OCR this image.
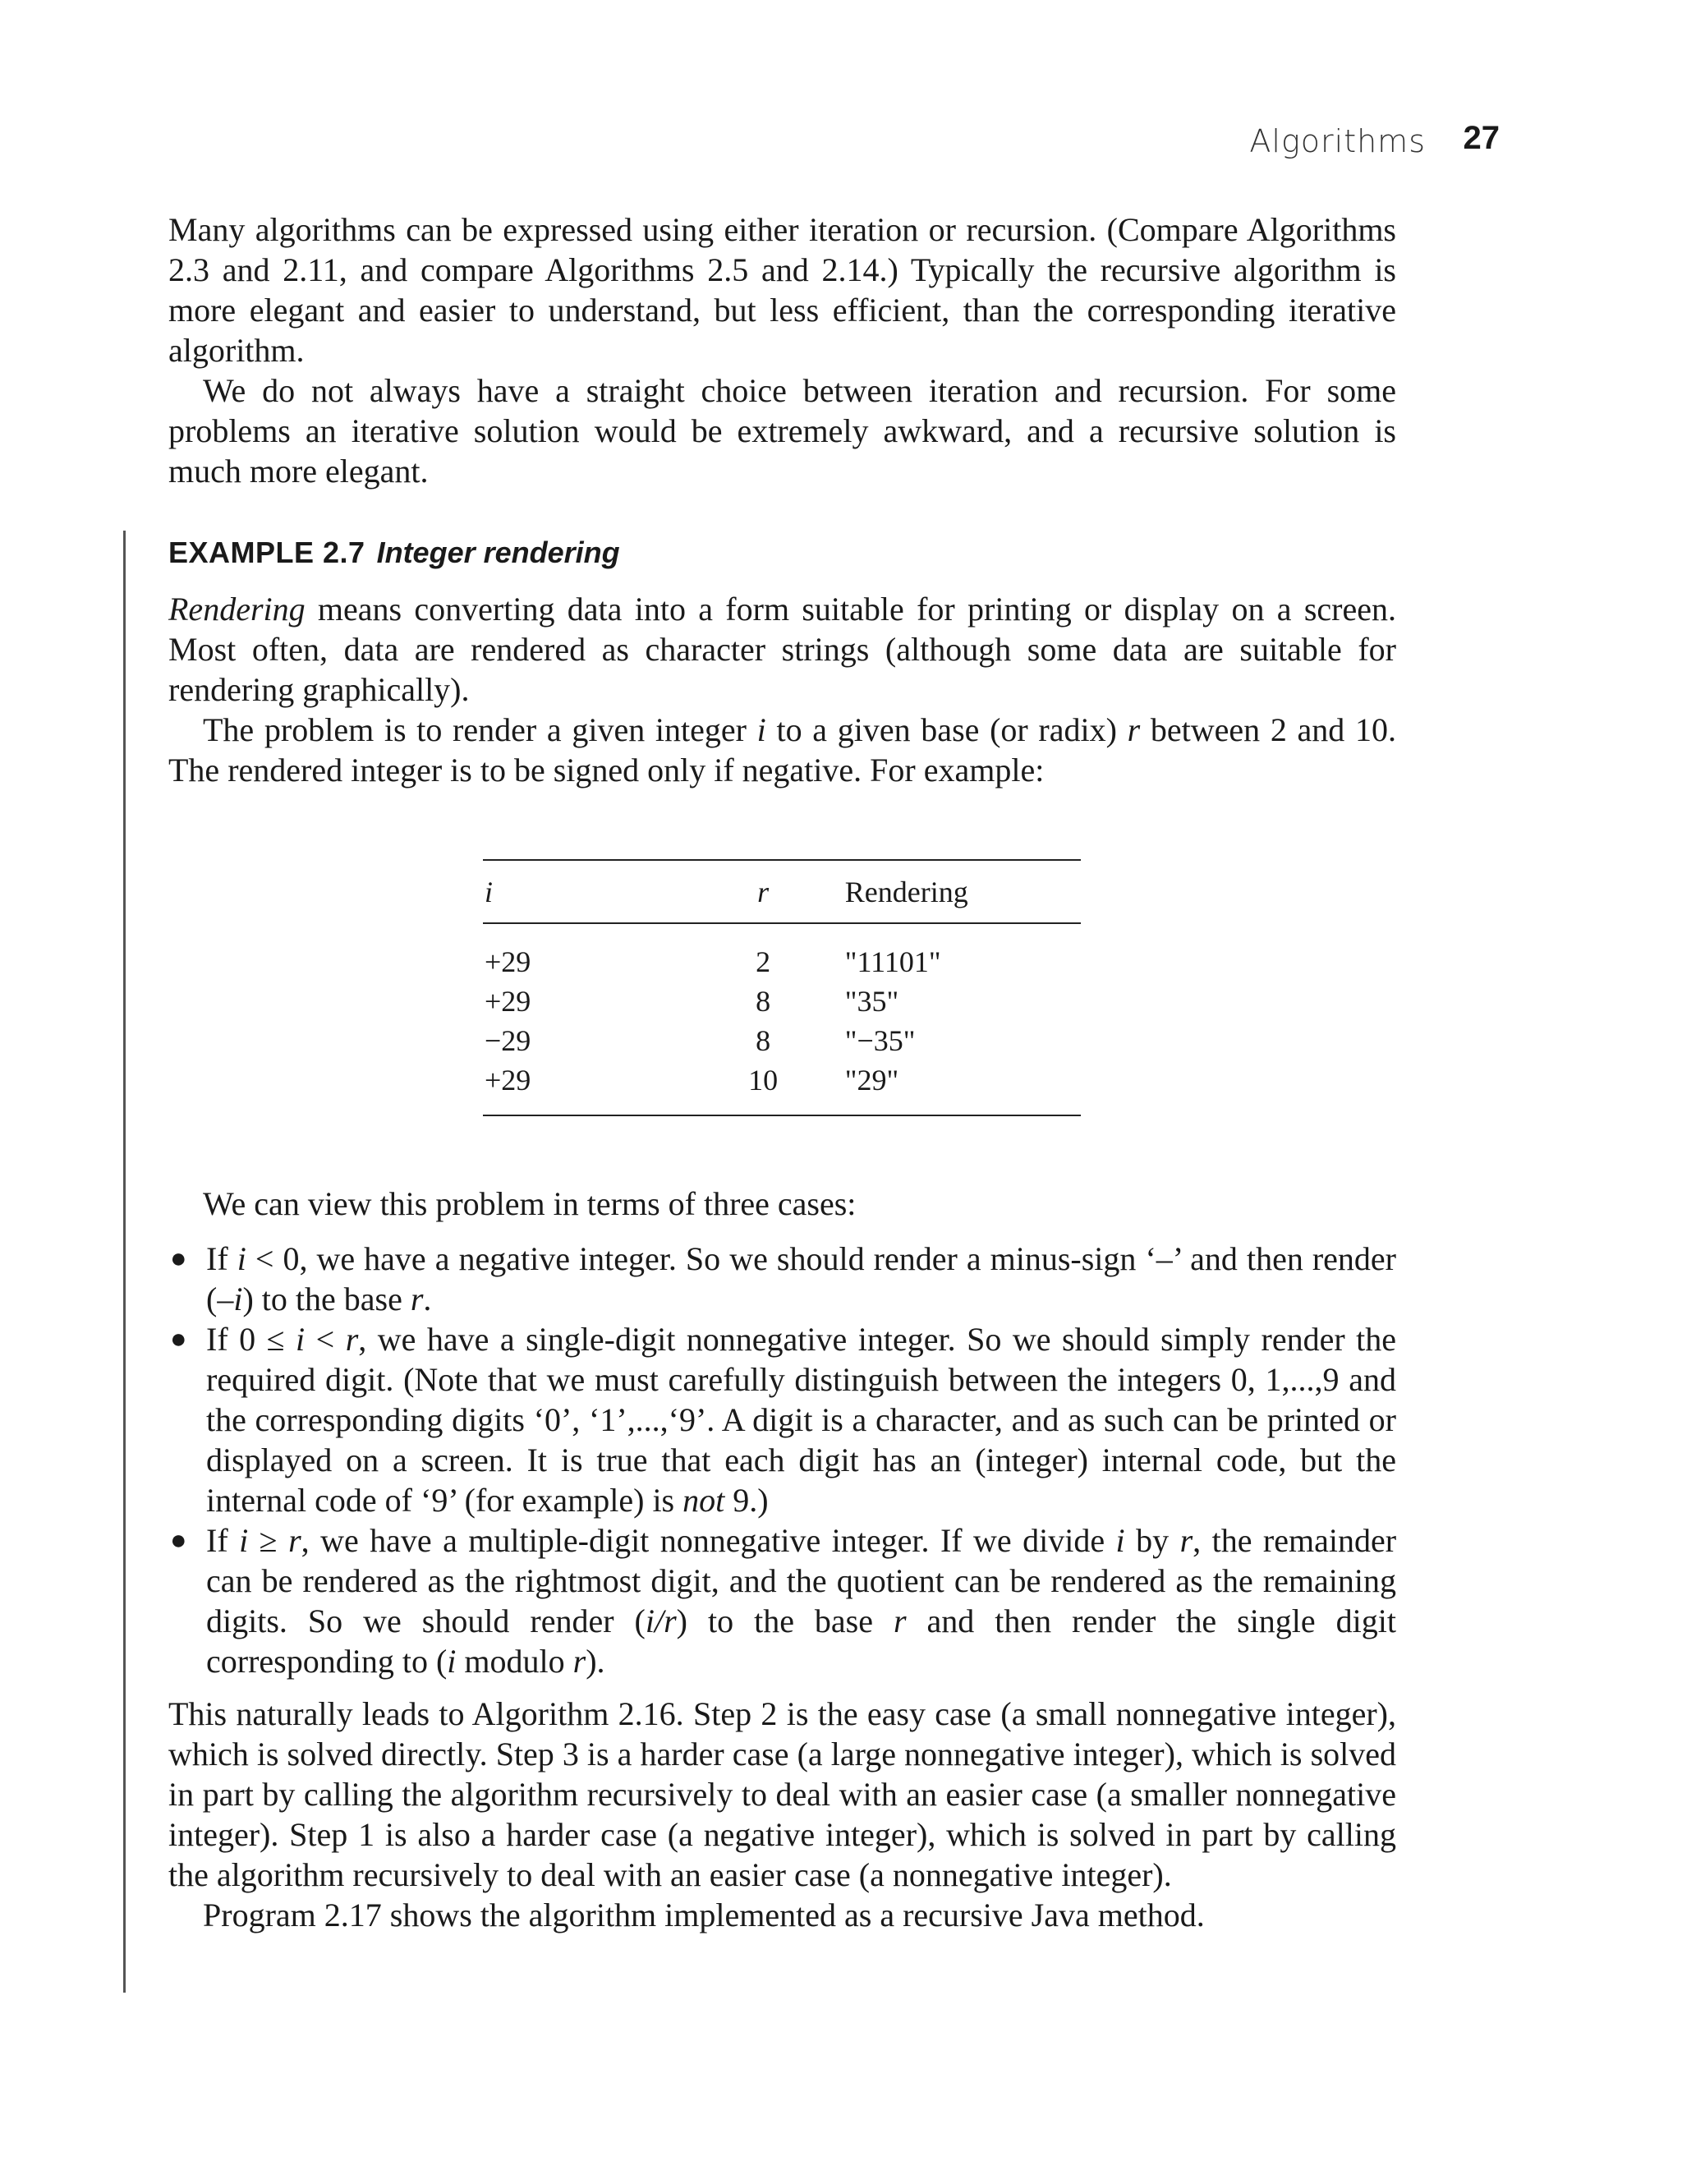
Algorithms 27

Many algorithms can be expressed using either iteration or recursion. (Compare Algorithms 2.3 and 2.11, and compare Algorithms 2.5 and 2.14.) Typically the recursive algorithm is more elegant and easier to understand, but less efficient, than the corresponding iterative algorithm.

We do not always have a straight choice between iteration and recursion. For some problems an iterative solution would be extremely awkward, and a recursive solution is much more elegant.

EXAMPLE 2.7 Integer rendering

Rendering means converting data into a form suitable for printing or display on a screen. Most often, data are rendered as character strings (although some data are suitable for rendering graphically).

The problem is to render a given integer i to a given base (or radix) r between 2 and 10. The rendered integer is to be signed only if negative. For example:

i	r	Rendering
+29	2	"11101"
+29	8	"35"
−29	8	"−35"
+29	10	"29"
We can view this problem in terms of three cases:
● If i < 0, we have a negative integer. So we should render a minus-sign ‘–’ and then render (–i) to the base r.
● If 0 ≤ i < r, we have a single-digit nonnegative integer. So we should simply render the required digit. (Note that we must carefully distinguish between the integers 0, 1,...,9 and the corresponding digits ‘0’, ‘1’,...,‘9’. A digit is a character, and as such can be printed or displayed on a screen. It is true that each digit has an (integer) internal code, but the internal code of ‘9’ (for example) is not 9.)
● If i ≥ r, we have a multiple-digit nonnegative integer. If we divide i by r, the remainder can be rendered as the rightmost digit, and the quotient can be rendered as the remaining digits. So we should render (i/r) to the base r and then render the single digit corresponding to (i modulo r).

This naturally leads to Algorithm 2.16. Step 2 is the easy case (a small nonnegative integer), which is solved directly. Step 3 is a harder case (a large nonnegative integer), which is solved in part by calling the algorithm recursively to deal with an easier case (a smaller nonnegative integer). Step 1 is also a harder case (a negative integer), which is solved in part by calling the algorithm recursively to deal with an easier case (a nonnegative integer).

Program 2.17 shows the algorithm implemented as a recursive Java method.
